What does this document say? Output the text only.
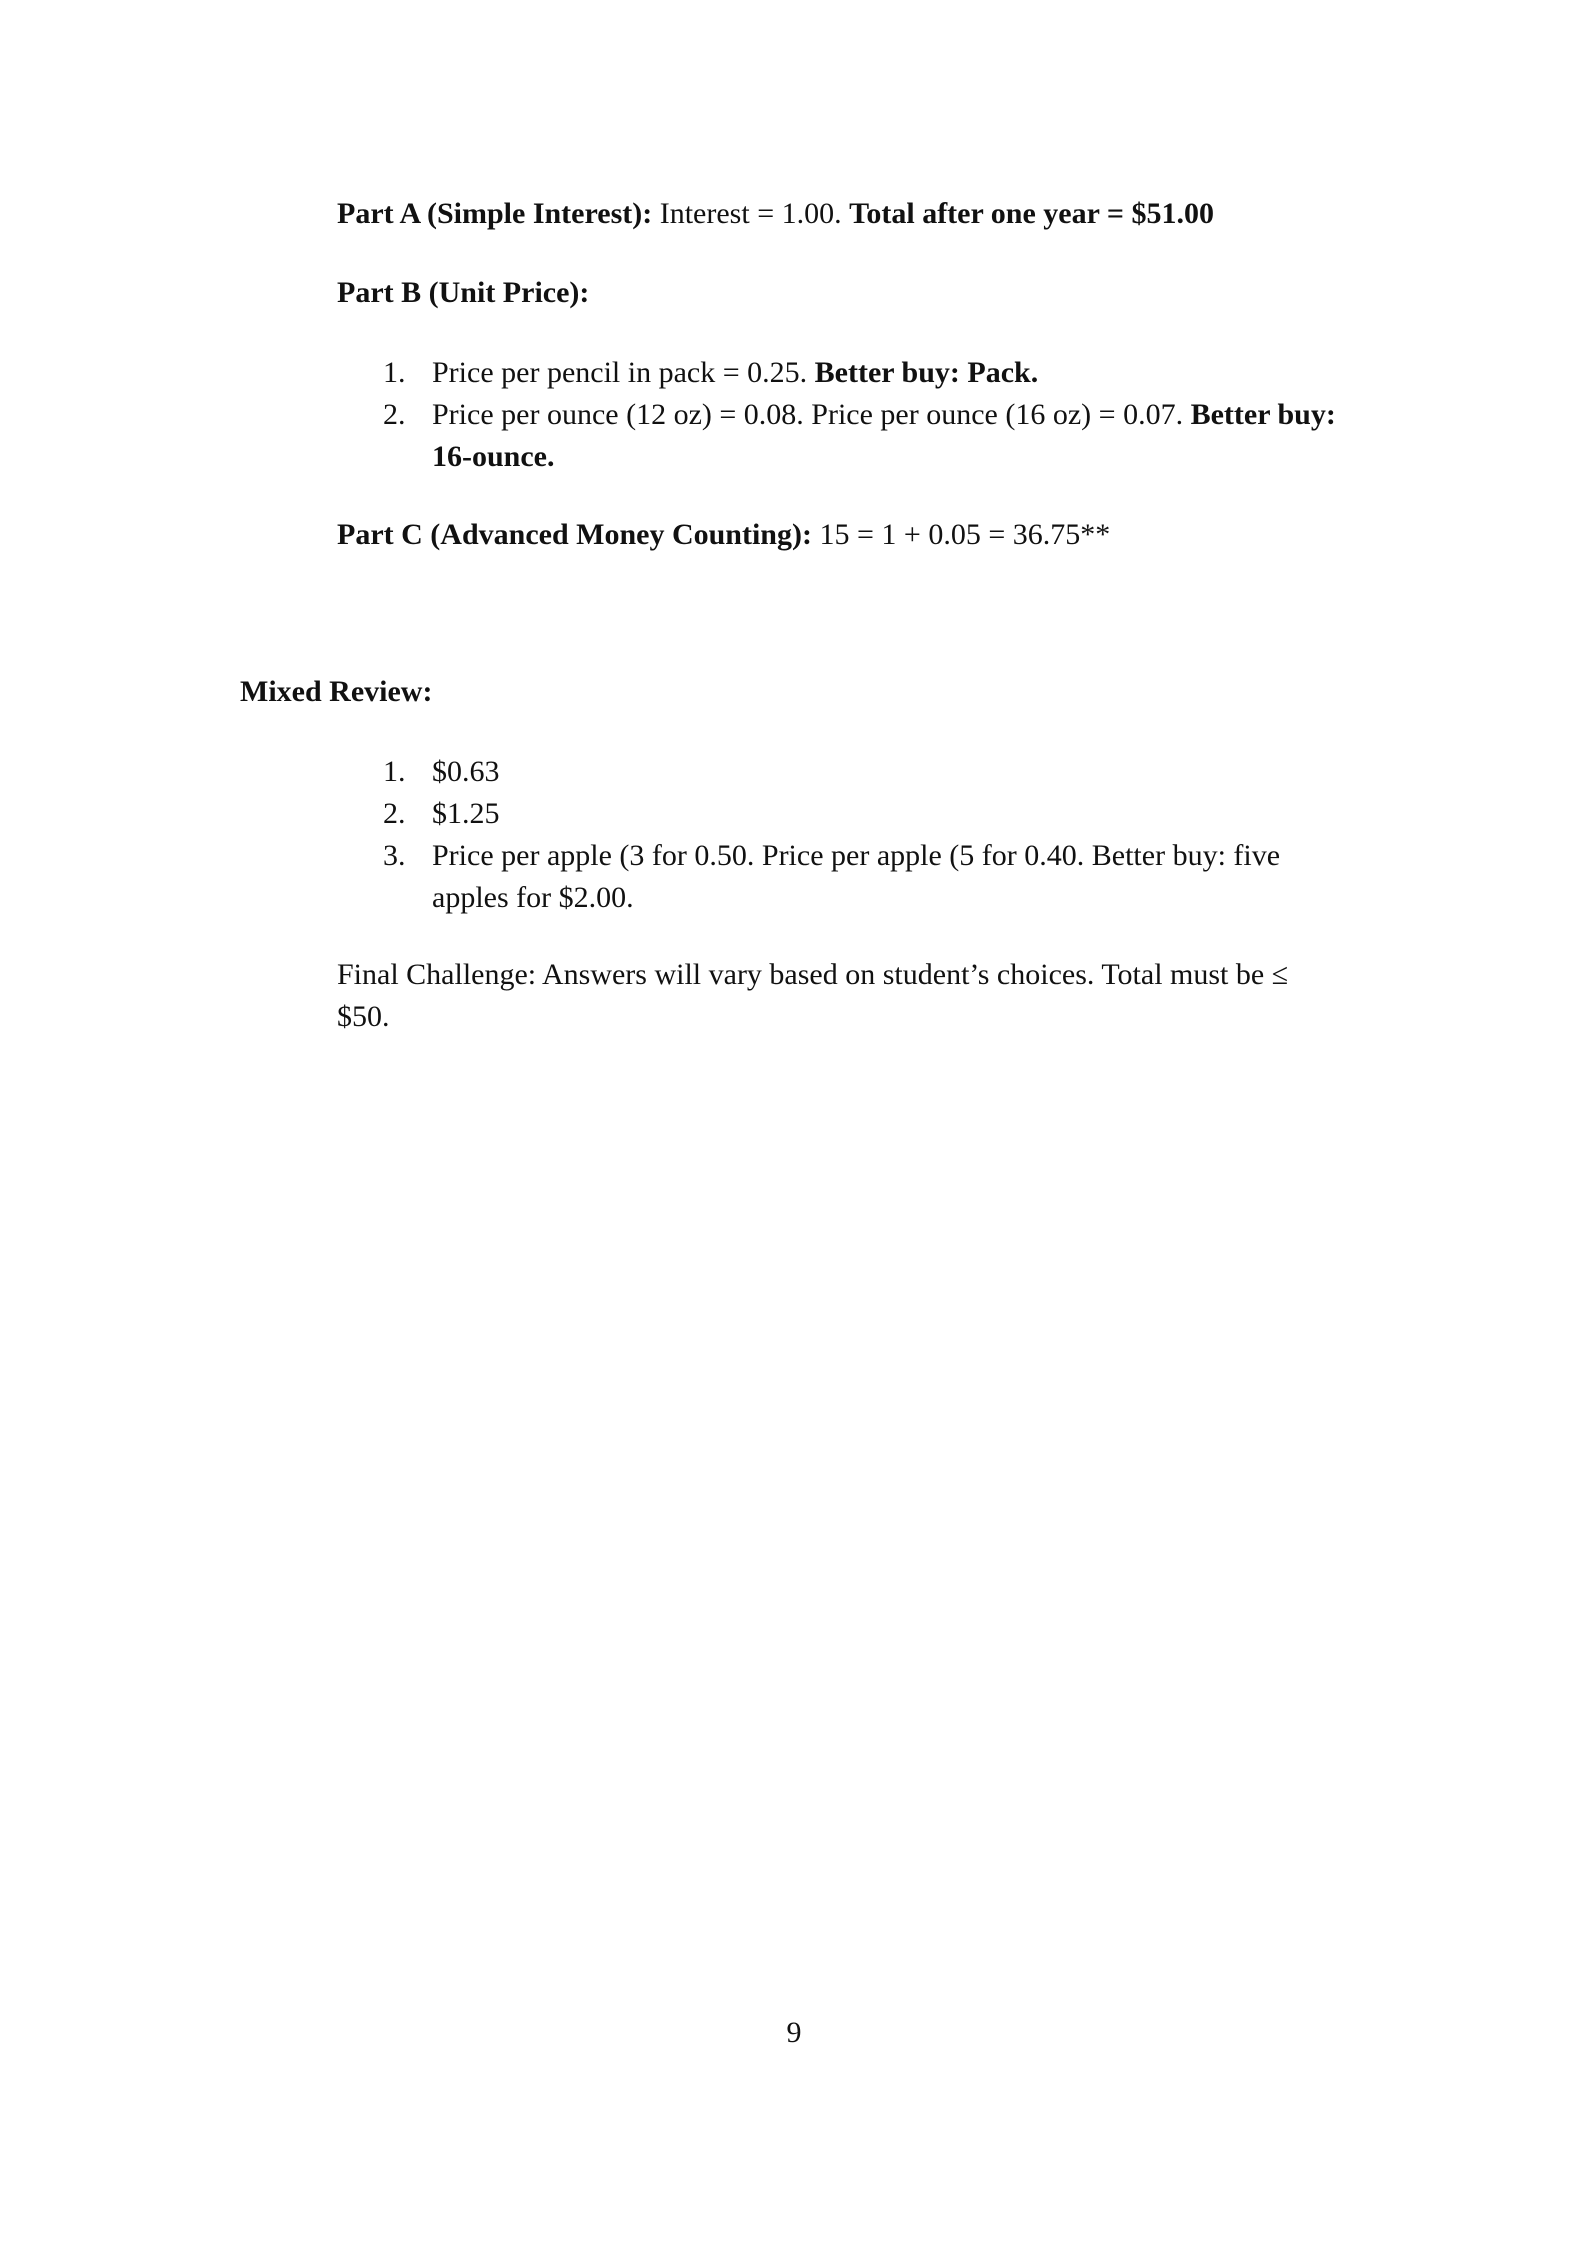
Part A (Simple Interest): Interest = 1.00. Total after one year = $51.00
Part B (Unit Price):
1. Price per pencil in pack = 0.25. Better buy: Pack.
2. Price per ounce (12 oz) = 0.08. Price per ounce (16 oz) = 0.07. Better buy: 16-ounce.
Part C (Advanced Money Counting): 15 = 1 + 0.05 = 36.75**
Mixed Review:
1. $0.63
2. $1.25
3. Price per apple (3 for 0.50. Price per apple (5 for 0.40. Better buy: five apples for $2.00.
Final Challenge: Answers will vary based on student’s choices. Total must be ≤ $50.
9
